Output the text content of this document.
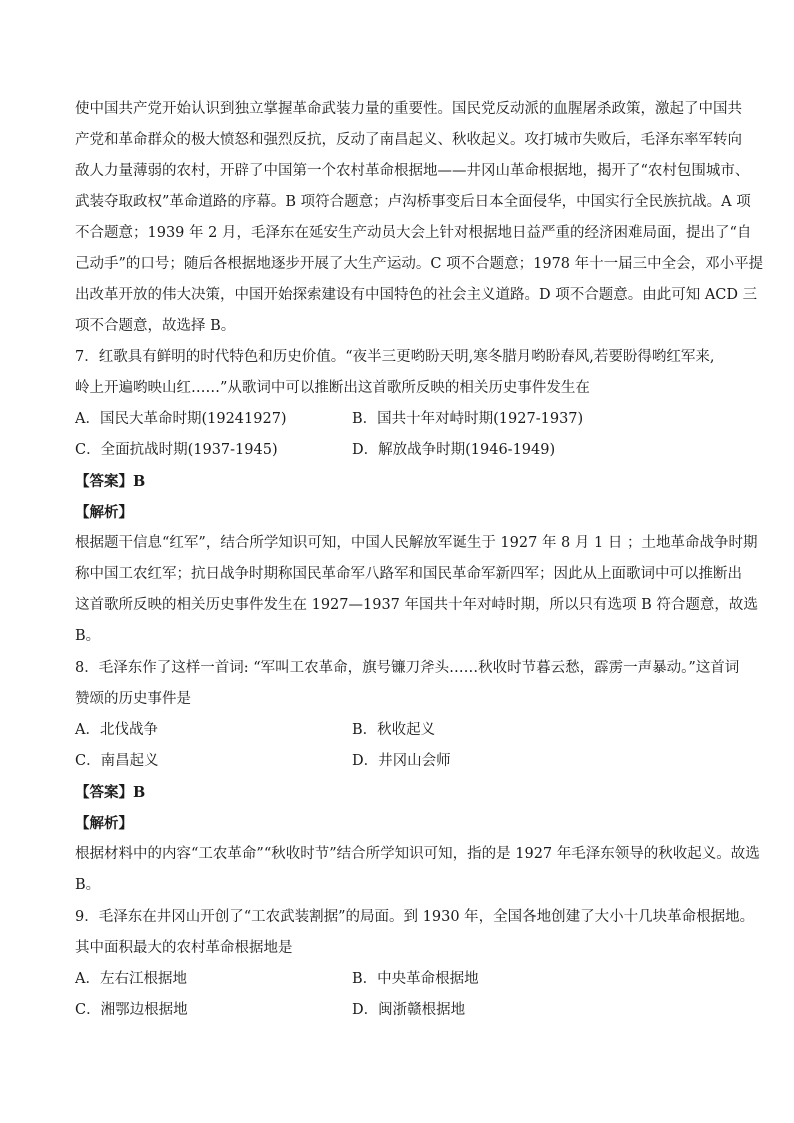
使中国共产党开始认识到独立掌握革命武装力量的重要性。国民党反动派的血腥屠杀政策，激起了中国共
产党和革命群众的极大愤怒和强烈反抗，反动了南昌起义、秋收起义。攻打城市失败后，毛泽东率军转向
敌人力量薄弱的农村，开辟了中国第一个农村革命根据地——井冈山革命根据地，揭开了“农村包围城市、
武装夺取政权”革命道路的序幕。B 项符合题意；卢沟桥事变后日本全面侵华，中国实行全民族抗战。A 项
不合题意；1939 年 2 月，毛泽东在延安生产动员大会上针对根据地日益严重的经济困难局面，提出了“自
己动手”的口号；随后各根据地逐步开展了大生产运动。C 项不合题意；1978 年十一届三中全会，邓小平提
出改革开放的伟大决策，中国开始探索建设有中国特色的社会主义道路。D 项不合题意。由此可知 ACD 三
项不合题意，故选择 B。
7．红歌具有鲜明的时代特色和历史价值。“夜半三更哟盼天明,寒冬腊月哟盼春风,若要盼得哟红军来,
岭上开遍哟映山红……”从歌词中可以推断出这首歌所反映的相关历史事件发生在
A．国民大革命时期(19241927)	B．国共十年对峙时期(1927-1937)
C．全面抗战时期(1937-1945)	D．解放战争时期(1946-1949)
【答案】B
【解析】
根据题干信息“红军”，结合所学知识可知，中国人民解放军诞生于 1927 年 8 月 1 日 ；土地革命战争时期
称中国工农红军；抗日战争时期称国民革命军八路军和国民革命军新四军；因此从上面歌词中可以推断出
这首歌所反映的相关历史事件发生在 1927—1937 年国共十年对峙时期，所以只有选项 B 符合题意，故选
B。
8．毛泽东作了这样一首词: “军叫工农革命，旗号镰刀斧头……秋收时节暮云愁，霹雳一声暴动。”这首词
赞颂的历史事件是
A．北伐战争	B．秋收起义
C．南昌起义	D．井冈山会师
【答案】B
【解析】
根据材料中的内容“工农革命”“秋收时节”结合所学知识可知，指的是 1927 年毛泽东领导的秋收起义。故选
B。
9．毛泽东在井冈山开创了“工农武装割据”的局面。到 1930 年，全国各地创建了大小十几块革命根据地。
其中面积最大的农村革命根据地是
A．左右江根据地	B．中央革命根据地
C．湘鄂边根据地	D．闽浙赣根据地
